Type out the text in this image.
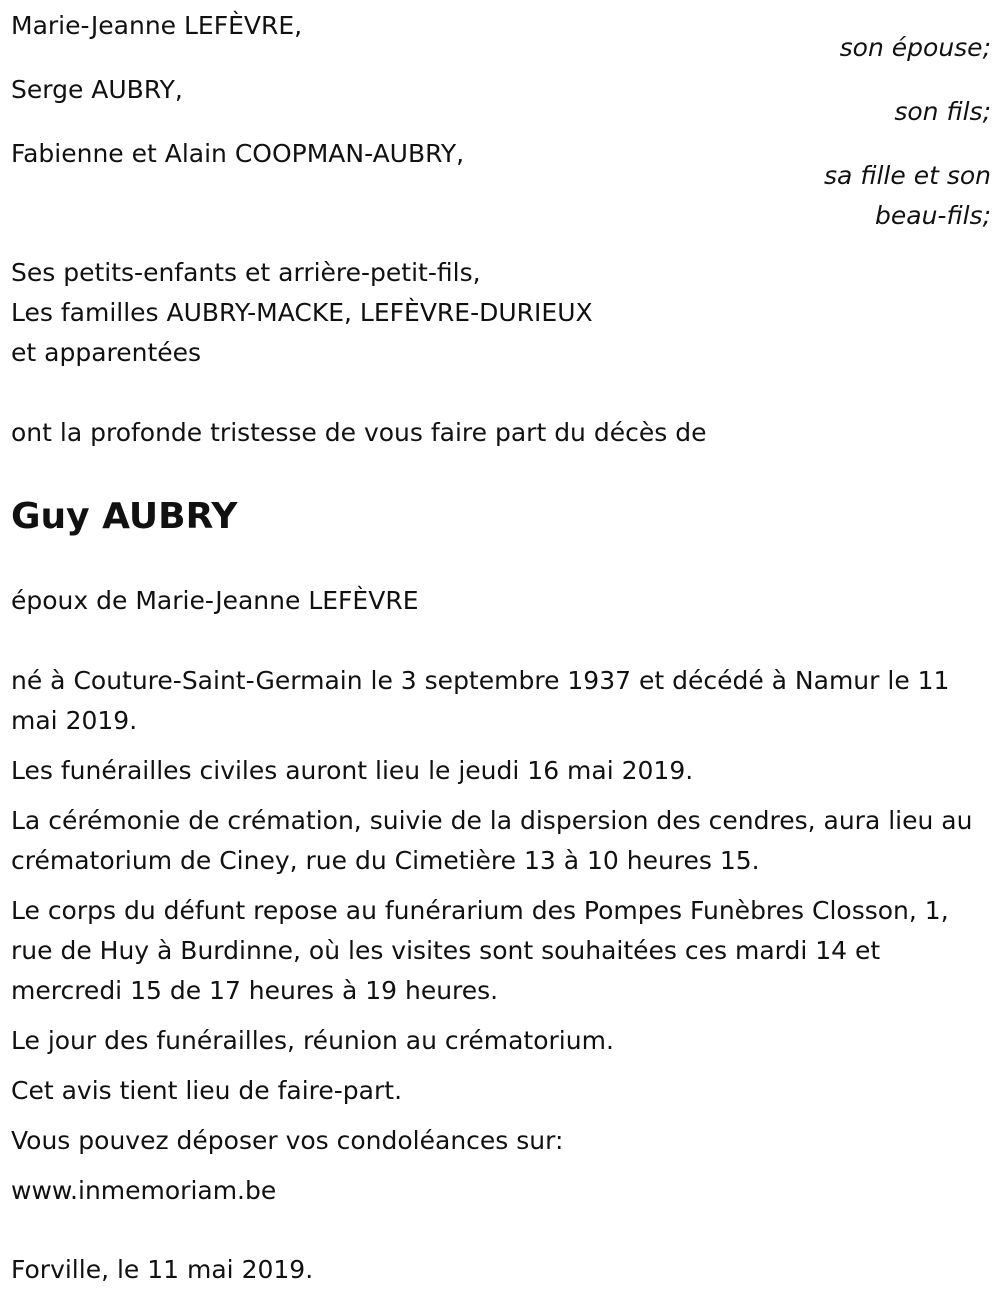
Marie-Jeanne LEFÈVRE,
son épouse;
Serge AUBRY,
son fils;
Fabienne et Alain COOPMAN-AUBRY,
sa fille et son
beau-fils;
Ses petits-enfants et arrière-petit-fils,
Les familles AUBRY-MACKE, LEFÈVRE-DURIEUX
et apparentées
ont la profonde tristesse de vous faire part du décès de
Guy AUBRY
époux de Marie-Jeanne LEFÈVRE
né à Couture-Saint-Germain le 3 septembre 1937 et décédé à Namur le 11 mai 2019.
Les funérailles civiles auront lieu le jeudi 16 mai 2019.
La cérémonie de crémation, suivie de la dispersion des cendres, aura lieu au crématorium de Ciney, rue du Cimetière 13 à 10 heures 15.
Le corps du défunt repose au funérarium des Pompes Funèbres Closson, 1, rue de Huy à Burdinne, où les visites sont souhaitées ces mardi 14 et mercredi 15 de 17 heures à 19 heures.
Le jour des funérailles, réunion au crématorium.
Cet avis tient lieu de faire-part.
Vous pouvez déposer vos condoléances sur:
www.inmemoriam.be
Forville, le 11 mai 2019.
